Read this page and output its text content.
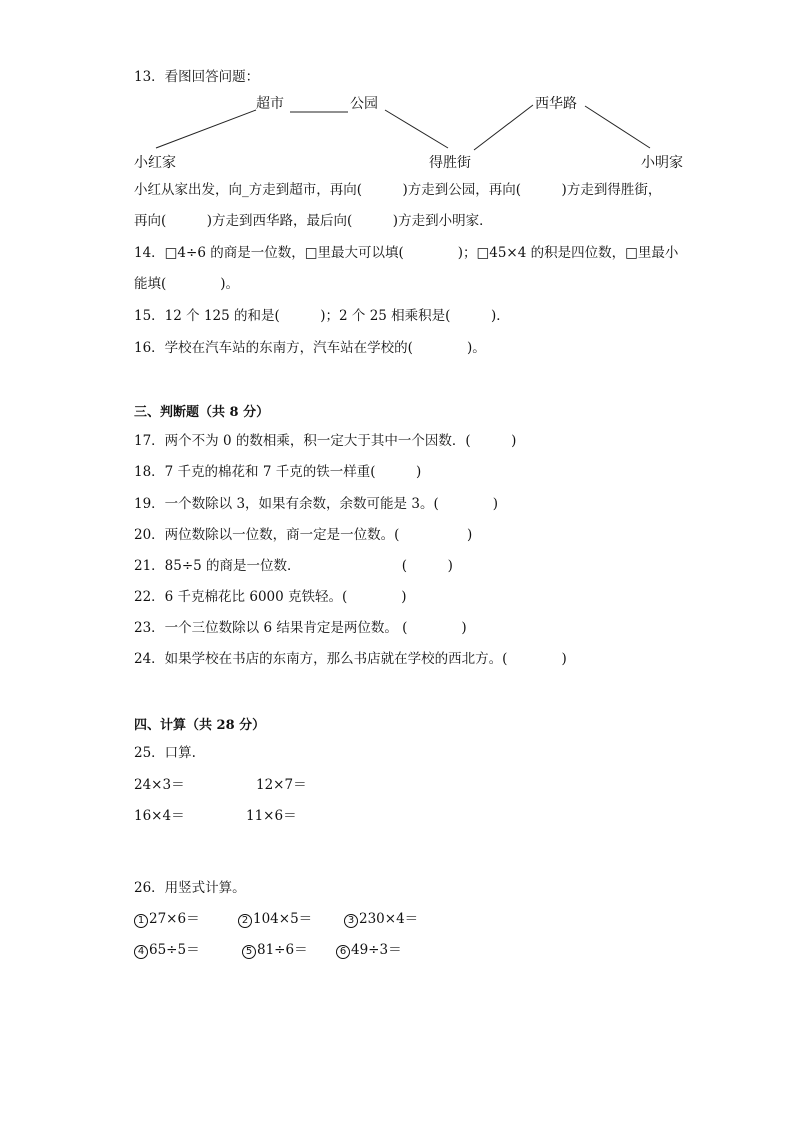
13．看图回答问题：
超市	公园	西华路
小红家	得胜街	小明家
小红从家出发，向_方走到超市，再向(　　　)方走到公园，再向(　　　)方走到得胜街，
再向(　　　)方走到西华路，最后向(　　　)方走到小明家．
14．□4÷6 的商是一位数，□里最大可以填(　　　　)；□45×4 的积是四位数，□里最小
能填(　　　　)。
15．12 个 125 的和是(　　　)；2 个 25 相乘积是(　　　)．
16．学校在汽车站的东南方，汽车站在学校的(　　　　)。
三、判断题（共 8 分）
17．两个不为 0 的数相乘，积一定大于其中一个因数．(　　　)
18．7 千克的棉花和 7 千克的铁一样重(　　　)
19．一个数除以 3，如果有余数，余数可能是 3。(　　　　)
20．两位数除以一位数，商一定是一位数。(　　　　　)
21．85÷5 的商是一位数．　　　　　　　　(　　　)
22．6 千克棉花比 6000 克铁轻。(　　　　)
23．一个三位数除以 6 结果肯定是两位数。 (　　　　)
24．如果学校在书店的东南方，那么书店就在学校的西北方。(　　　　)
四、计算（共 28 分）
25．口算.
24×3＝	12×7＝
16×4＝	11×6＝
26．用竖式计算。
1 27×6＝	2 104×5＝	3 230×4＝
4 65÷5＝	5 81÷6＝	6 49÷3＝
